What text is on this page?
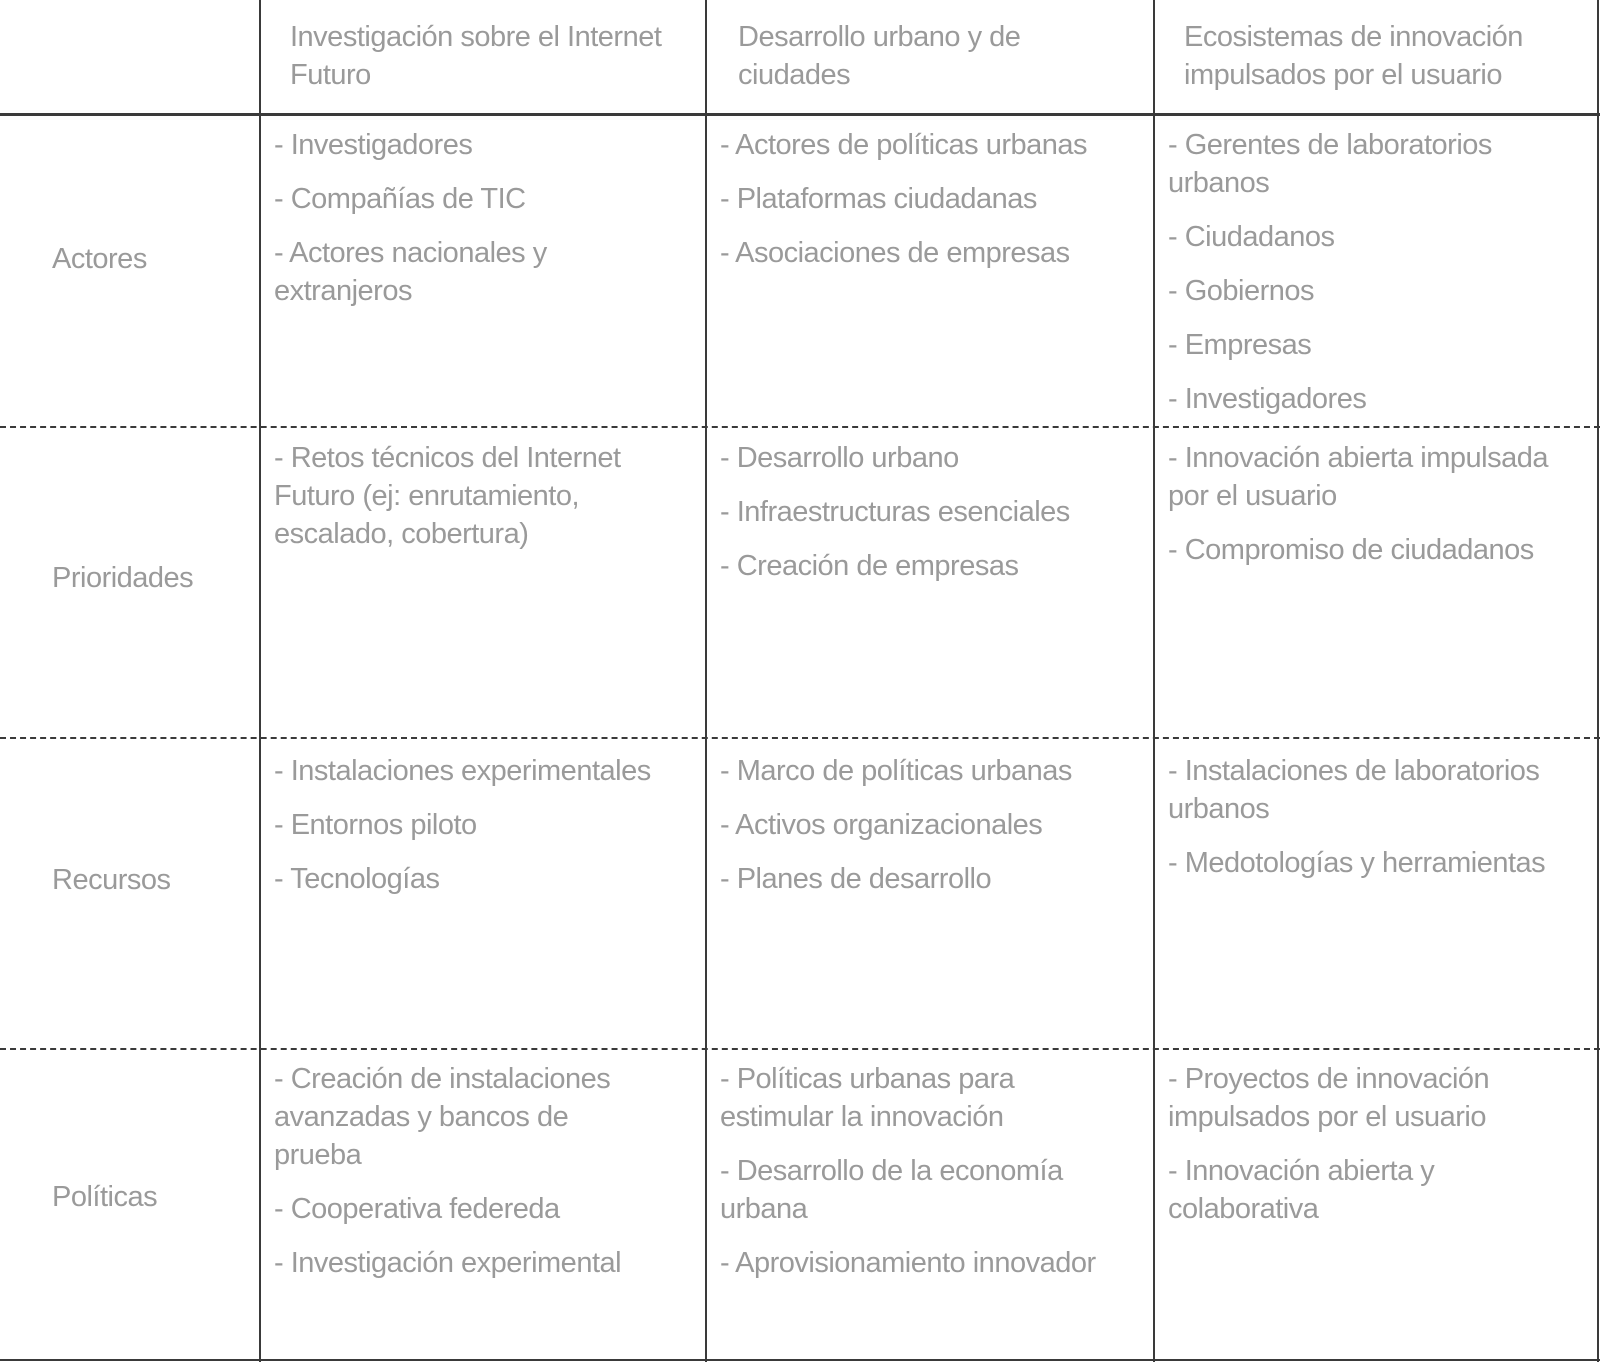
Investigación sobre el Internet Futuro
Desarrollo urbano y de ciudades
Ecosistemas de innovación impulsados por el usuario
Actores
Prioridades
Recursos
Políticas
- Investigadores
- Compañías de TIC
- Actores nacionales y extranjeros
- Actores de políticas urbanas
- Plataformas ciudadanas
- Asociaciones de empresas
- Gerentes de laboratorios urbanos
- Ciudadanos
- Gobiernos
- Empresas
- Investigadores
- Retos técnicos del Internet Futuro (ej: enrutamiento, escalado, cobertura)
- Desarrollo urbano
- Infraestructuras esenciales
- Creación de empresas
- Innovación abierta impulsada por el usuario
- Compromiso de ciudadanos
- Instalaciones experimentales
- Entornos piloto
- Tecnologías
- Marco de políticas urbanas
- Activos organizacionales
- Planes de desarrollo
- Instalaciones de laboratorios urbanos
- Medotologías y herramientas
- Creación de instalaciones avanzadas y bancos de prueba
- Cooperativa federeda
- Investigación experimental
- Políticas urbanas para estimular la innovación
- Desarrollo de la economía urbana
- Aprovisionamiento innovador
- Proyectos de innovación impulsados por el usuario
- Innovación abierta y colaborativa
